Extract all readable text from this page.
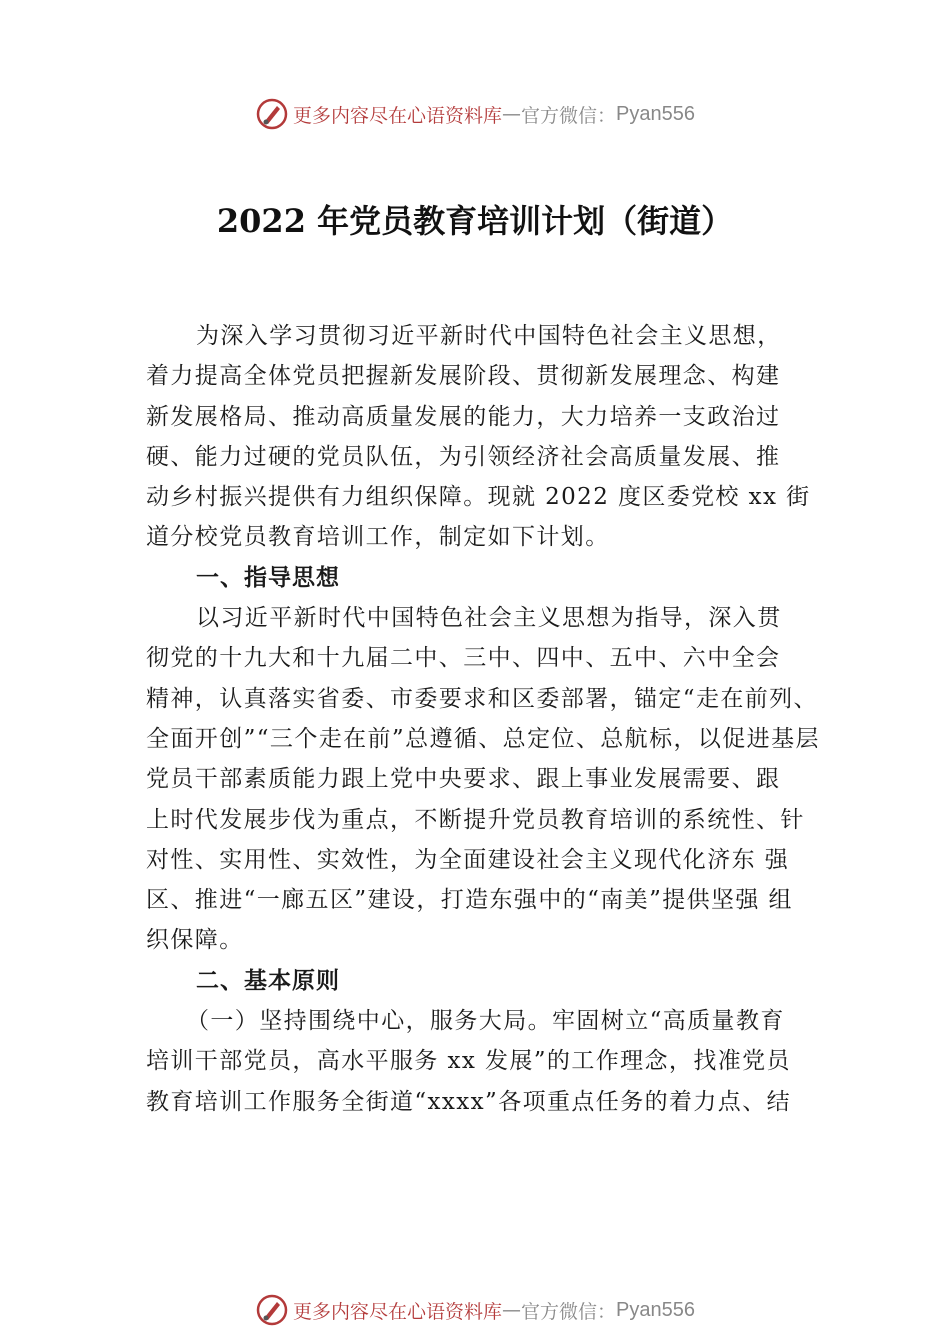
更多内容尽在心语资料库 — 官方微信： Pyan556
2022 年党员教育培训计划（街道）
为深入学习贯彻习近平新时代中国特色社会主义思想，
着力提高全体党员把握新发展阶段、贯彻新发展理念、构建
新发展格局、推动高质量发展的能力，大力培养一支政治过
硬、能力过硬的党员队伍，为引领经济社会高质量发展、推
动乡村振兴提供有力组织保障。现就 2022 度区委党校 xx 街
道分校党员教育培训工作，制定如下计划。
一、指导思想
以习近平新时代中国特色社会主义思想为指导，深入贯
彻党的十九大和十九届二中、三中、四中、五中、六中全会
精神，认真落实省委、市委要求和区委部署，锚定“走在前列、
全面开创”“三个走在前”总遵循、总定位、总航标，以促进基层
党员干部素质能力跟上党中央要求、跟上事业发展需要、跟
上时代发展步伐为重点，不断提升党员教育培训的系统性、针
对性、实用性、实效性，为全面建设社会主义现代化济东 强
区、推进“一廊五区”建设，打造东强中的“南美”提供坚强 组
织保障。
二、基本原则
（一）坚持围绕中心，服务大局。牢固树立“高质量教育
培训干部党员，高水平服务 xx 发展”的工作理念，找准党员
教育培训工作服务全街道“xxxx”各项重点任务的着力点、结
更多内容尽在心语资料库 — 官方微信： Pyan556
